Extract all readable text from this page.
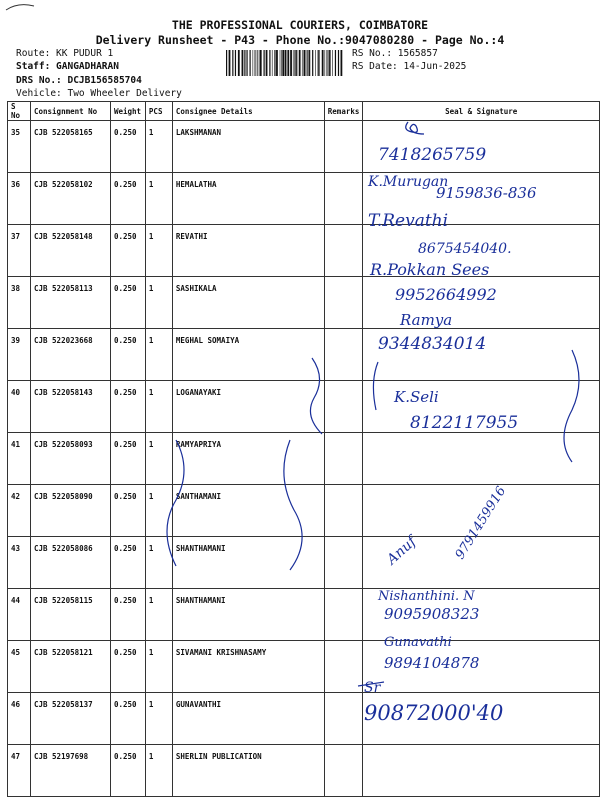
THE PROFESSIONAL COURIERS, COIMBATORE
Delivery Runsheet - P43 - Phone No.:9047080280 - Page No.:4
Route: KK PUDUR 1
Staff: GANGADHARAN
DRS No.: DCJB156585704
Vehicle: Two Wheeler Delivery
RS No.: 1565857
RS Date: 14-Jun-2025
S No	Consignment No	Weight	PCS	Consignee Details	Remarks	Seal & Signature
35	CJB 522058165	0.250	1	LAKSHMANAN		
36	CJB 522058102	0.250	1	HEMALATHA		
37	CJB 522058148	0.250	1	REVATHI		
38	CJB 522058113	0.250	1	SASHIKALA		
39	CJB 522023668	0.250	1	MEGHAL SOMAIYA		
40	CJB 522058143	0.250	1	LOGANAYAKI		
41	CJB 522058093	0.250	1	RAMYAPRIYA		
42	CJB 522058090	0.250	1	SANTHAMANI		
43	CJB 522058086	0.250	1	SHANTHAMANI		
44	CJB 522058115	0.250	1	SHANTHAMANI		
45	CJB 522058121	0.250	1	SIVAMANI KRISHNASAMY		
46	CJB 522058137	0.250	1	GUNAVANTHI		
47	CJB 52197698	0.250	1	SHERLIN PUBLICATION		
7418265759
K.Murugan
9159836-836
T.Revathi
8675454040.
R.Pokkan Sees
9952664992
Ramya
9344834014
K.Seli
8122117955
9791459916
Anuf
Nishanthini. N
9095908323
Gunavathi
9894104878
Sr
90872000'40
